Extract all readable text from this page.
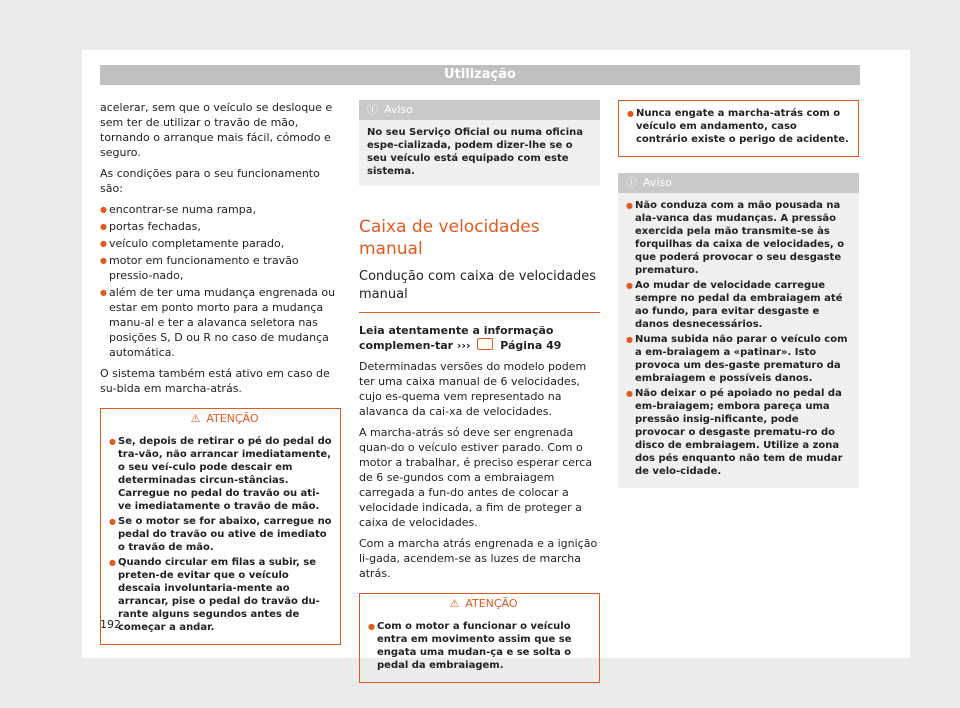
Utilização

acelerar, sem que o veículo se desloque e sem ter de utilizar o travão de mão, tornando o arranque mais fácil, cómodo e seguro.

As condições para o seu funcionamento são:

● encontrar-se numa rampa,
● portas fechadas,
● veículo completamente parado,
● motor em funcionamento e travão pressio-nado,
● além de ter uma mudança engrenada ou estar em ponto morto para a mudança manu-al e ter a alavanca seletora nas posições S, D ou R no caso de mudança automática.

O sistema também está ativo em caso de su-bida em marcha-atrás.

⚠ ATENÇÃO
● Se, depois de retirar o pé do pedal do tra-vão, não arrancar imediatamente, o seu veí-culo pode descair em determinadas circun-stâncias. Carregue no pedal do travão ou ati-ve imediatamente o travão de mão.
● Se o motor se for abaixo, carregue no pedal do travão ou ative de imediato o travão de mão.
● Quando circular em filas a subir, se preten-de evitar que o veículo descaia involuntaria-mente ao arrancar, pise o pedal do travão du-rante alguns segundos antes de começar a andar.
ⓘ Aviso
No seu Serviço Oficial ou numa oficina espe-cializada, podem dizer-lhe se o seu veículo está equipado com este sistema.
Caixa de velocidades manual
Condução com caixa de velocidades manual

Leia atentamente a informação complemen-tar ›››	Página 49

Determinadas versões do modelo podem ter uma caixa manual de 6 velocidades, cujo es-quema vem representado na alavanca da cai-xa de velocidades.

A marcha-atrás só deve ser engrenada quan-do o veículo estiver parado. Com o motor a trabalhar, é preciso esperar cerca de 6 se-gundos com a embraiagem carregada a fun-do antes de colocar a velocidade indicada, a fim de proteger a caixa de velocidades.

Com a marcha atrás engrenada e a ignição li-gada, acendem-se as luzes de marcha atrás.

⚠ ATENÇÃO
● Com o motor a funcionar o veículo entra em movimento assim que se engata uma mudan-ça e se solta o pedal da embraiagem.
● Nunca engate a marcha-atrás com o veículo em andamento, caso contrário existe o perigo de acidente.
ⓘ Aviso
● Não conduza com a mão pousada na ala-vanca das mudanças. A pressão exercida pela mão transmite-se às forquilhas da caixa de velocidades, o que poderá provocar o seu desgaste prematuro.
● Ao mudar de velocidade carregue sempre no pedal da embraiagem até ao fundo, para evitar desgaste e danos desnecessários.
● Numa subida não parar o veículo com a em-braiagem a «patinar». Isto provoca um des-gaste prematuro da embraiagem e possíveis danos.
● Não deixar o pé apoiado no pedal da em-braiagem; embora pareça uma pressão insig-nificante, pode provocar o desgaste prematu-ro do disco de embraiagem. Utilize a zona dos pés enquanto não tem de mudar de velo-cidade.
192
